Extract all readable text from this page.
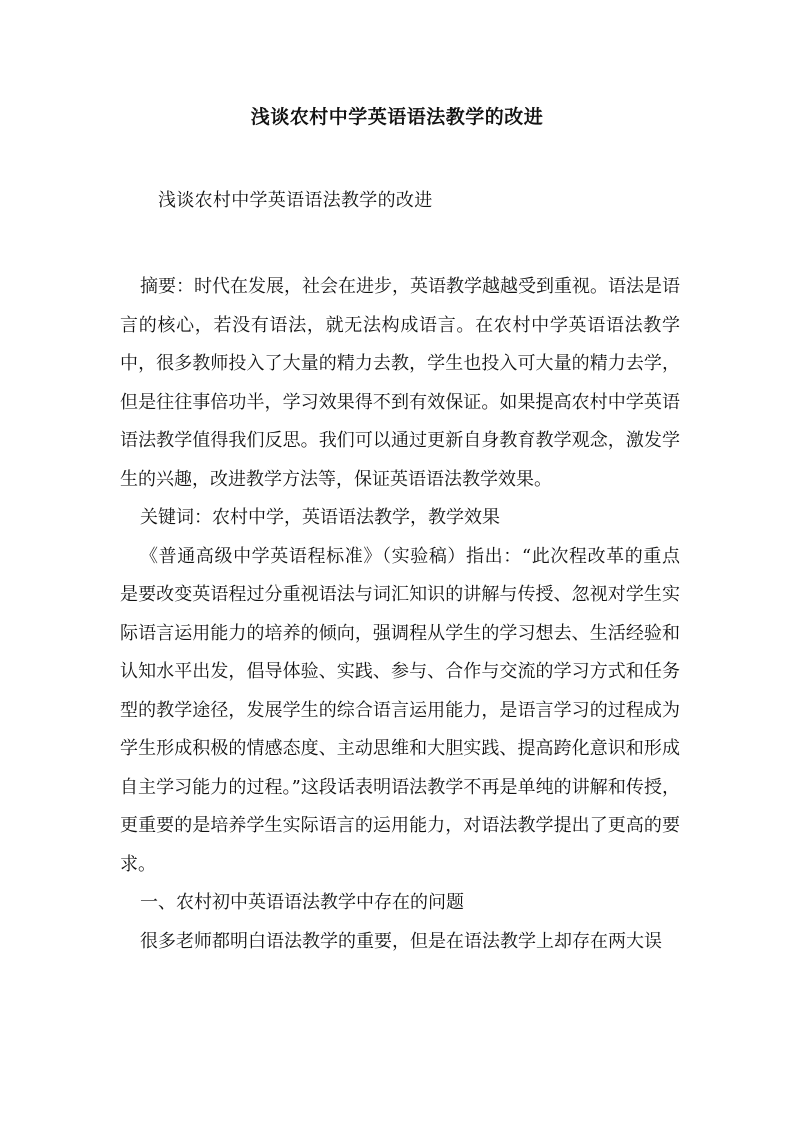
浅谈农村中学英语语法教学的改进
浅谈农村中学英语语法教学的改进

摘要：时代在发展，社会在进步，英语教学越越受到重视。语法是语言的核心，若没有语法，就无法构成语言。在农村中学英语语法教学中，很多教师投入了大量的精力去教，学生也投入可大量的精力去学，但是往往事倍功半，学习效果得不到有效保证。如果提高农村中学英语语法教学值得我们反思。我们可以通过更新自身教育教学观念，激发学生的兴趣，改进教学方法等，保证英语语法教学效果。

关键词：农村中学，英语语法教学，教学效果

《普通高级中学英语程标准》（实验稿）指出：“此次程改革的重点是要改变英语程过分重视语法与词汇知识的讲解与传授、忽视对学生实际语言运用能力的培养的倾向，强调程从学生的学习想去、生活经验和认知水平出发，倡导体验、实践、参与、合作与交流的学习方式和任务型的教学途径，发展学生的综合语言运用能力，是语言学习的过程成为学生形成积极的情感态度、主动思维和大胆实践、提高跨化意识和形成自主学习能力的过程。”这段话表明语法教学不再是单纯的讲解和传授，更重要的是培养学生实际语言的运用能力，对语法教学提出了更高的要求。

一、农村初中英语语法教学中存在的问题

很多老师都明白语法教学的重要，但是在语法教学上却存在两大误
